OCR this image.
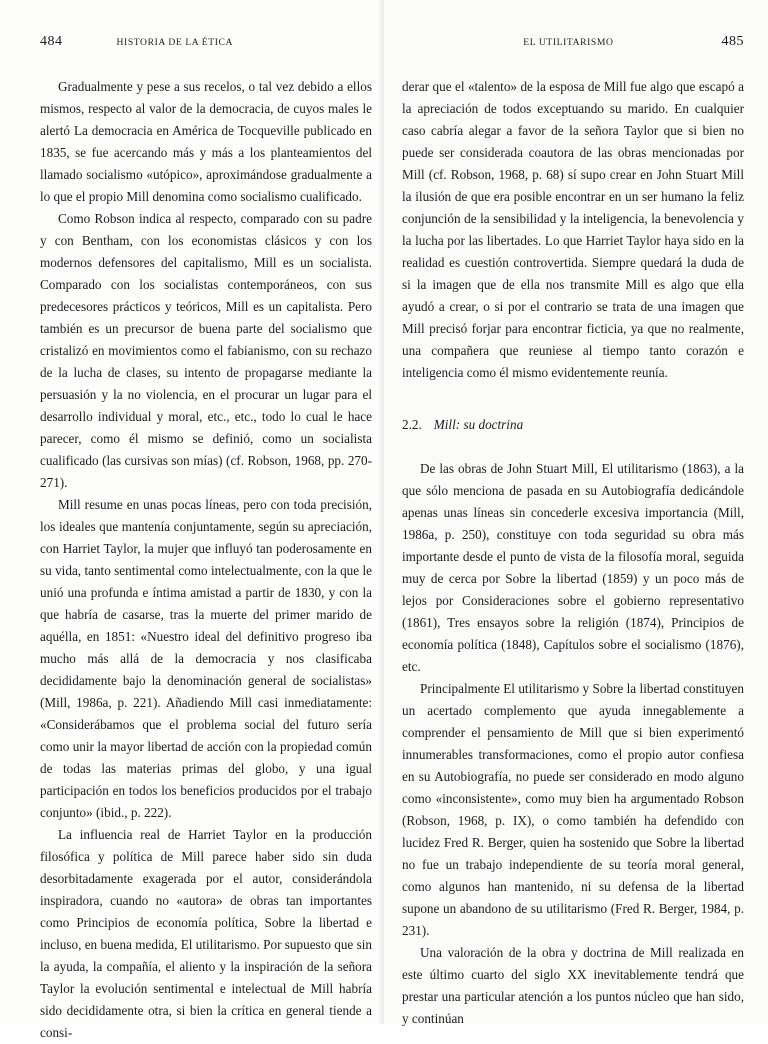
484	HISTORIA DE LA ÉTICA

Gradualmente y pese a sus recelos, o tal vez debido a ellos mismos, respecto al valor de la democracia, de cuyos males le alertó La democracia en América de Tocqueville publicado en 1835, se fue acercando más y más a los planteamientos del llamado socialismo «utópico», aproximándose gradualmente a lo que el propio Mill denomina como socialismo cualificado.

Como Robson indica al respecto, comparado con su padre y con Bentham, con los economistas clásicos y con los modernos defensores del capitalismo, Mill es un socialista. Comparado con los socialistas contemporáneos, con sus predecesores prácticos y teóricos, Mill es un capitalista. Pero también es un precursor de buena parte del socialismo que cristalizó en movimientos como el fabianismo, con su rechazo de la lucha de clases, su intento de propagarse mediante la persuasión y la no violencia, en el procurar un lugar para el desarrollo individual y moral, etc., etc., todo lo cual le hace parecer, como él mismo se definió, como un socialista cualificado (las cursivas son mías) (cf. Robson, 1968, pp. 270-271).

Mill resume en unas pocas líneas, pero con toda precisión, los ideales que mantenía conjuntamente, según su apreciación, con Harriet Taylor, la mujer que influyó tan poderosamente en su vida, tanto sentimental como intelectualmente, con la que le unió una profunda e íntima amistad a partir de 1830, y con la que habría de casarse, tras la muerte del primer marido de aquélla, en 1851: «Nuestro ideal del definitivo progreso iba mucho más allá de la democracia y nos clasificaba decididamente bajo la denominación general de socialistas» (Mill, 1986a, p. 221). Añadiendo Mill casi inmediatamente: «Considerábamos que el problema social del futuro sería como unir la mayor libertad de acción con la propiedad común de todas las materias primas del globo, y una igual participación en todos los beneficios producidos por el trabajo conjunto» (ibid., p. 222).

La influencia real de Harriet Taylor en la producción filosófica y política de Mill parece haber sido sin duda desorbitadamente exagerada por el autor, considerándola inspiradora, cuando no «autora» de obras tan importantes como Principios de economía política, Sobre la libertad e incluso, en buena medida, El utilitarismo. Por supuesto que sin la ayuda, la compañía, el aliento y la inspiración de la señora Taylor la evolución sentimental e intelectual de Mill habría sido decididamente otra, si bien la crítica en general tiende a consi-

EL UTILITARISMO	485

derar que el «talento» de la esposa de Mill fue algo que escapó a la apreciación de todos exceptuando su marido. En cualquier caso cabría alegar a favor de la señora Taylor que si bien no puede ser considerada coautora de las obras mencionadas por Mill (cf. Robson, 1968, p. 68) sí supo crear en John Stuart Mill la ilusión de que era posible encontrar en un ser humano la feliz conjunción de la sensibilidad y la inteligencia, la benevolencia y la lucha por las libertades. Lo que Harriet Taylor haya sido en la realidad es cuestión controvertida. Siempre quedará la duda de si la imagen que de ella nos transmite Mill es algo que ella ayudó a crear, o si por el contrario se trata de una imagen que Mill precisó forjar para encontrar ficticia, ya que no realmente, una compañera que reuniese al tiempo tanto corazón e inteligencia como él mismo evidentemente reunía.

2.2. Mill: su doctrina

De las obras de John Stuart Mill, El utilitarismo (1863), a la que sólo menciona de pasada en su Autobiografía dedicándole apenas unas líneas sin concederle excesiva importancia (Mill, 1986a, p. 250), constituye con toda seguridad su obra más importante desde el punto de vista de la filosofía moral, seguida muy de cerca por Sobre la libertad (1859) y un poco más de lejos por Consideraciones sobre el gobierno representativo (1861), Tres ensayos sobre la religión (1874), Principios de economía política (1848), Capítulos sobre el socialismo (1876), etc.

Principalmente El utilitarismo y Sobre la libertad constituyen un acertado complemento que ayuda innegablemente a comprender el pensamiento de Mill que si bien experimentó innumerables transformaciones, como el propio autor confiesa en su Autobiografía, no puede ser considerado en modo alguno como «inconsistente», como muy bien ha argumentado Robson (Robson, 1968, p. IX), o como también ha defendido con lucidez Fred R. Berger, quien ha sostenido que Sobre la libertad no fue un trabajo independiente de su teoría moral general, como algunos han mantenido, ni su defensa de la libertad supone un abandono de su utilitarismo (Fred R. Berger, 1984, p. 231).

Una valoración de la obra y doctrina de Mill realizada en este último cuarto del siglo XX inevitablemente tendrá que prestar una particular atención a los puntos núcleo que han sido, y continúan
